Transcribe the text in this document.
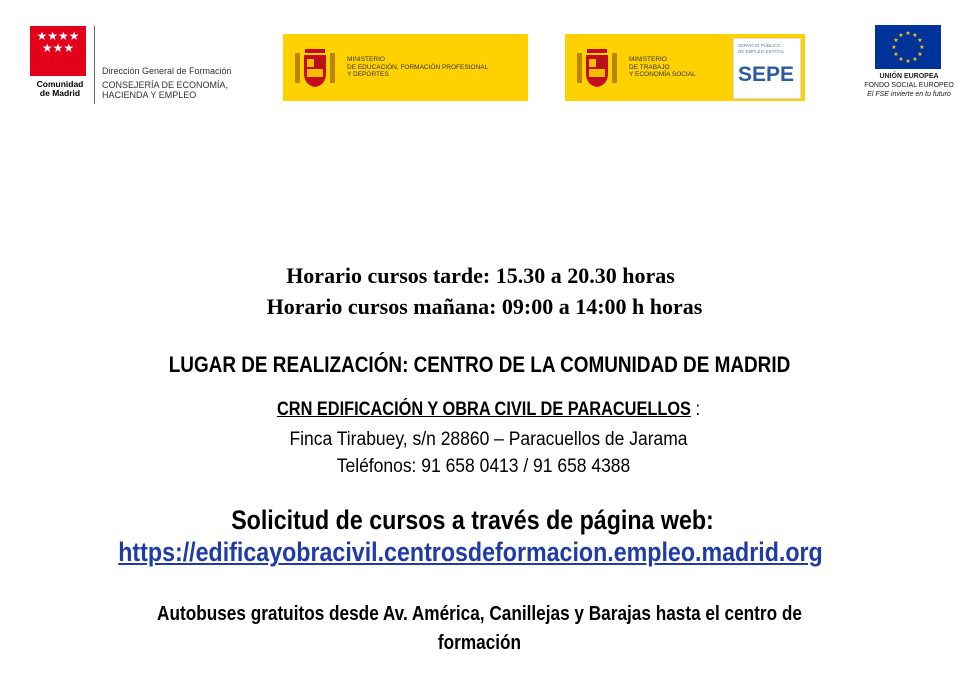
★★★★
★★★
Comunidad
de Madrid
Dirección General de Formación
CONSEJERÍA DE ECONOMÍA,
HACIENDA Y EMPLEO
MINISTERIO
DE EDUCACIÓN, FORMACIÓN PROFESIONAL
Y DEPORTES
MINISTERIO
DE TRABAJO
Y ECONOMÍA SOCIAL
SERVICIO PÚBLICO
DE EMPLEO ESTATAL
SEPE
★ ★
★
★
★
★
★
★
★
★
★
★
UNIÓN EUROPEA
FONDO SOCIAL EUROPEO
El FSE invierte en tu futuro
Horario cursos tarde: 15.30 a 20.30 horas
Horario cursos mañana: 09:00 a 14:00 h horas
LUGAR DE REALIZACIÓN: CENTRO DE LA COMUNIDAD DE MADRID
CRN EDIFICACIÓN Y OBRA CIVIL DE PARACUELLOS :
Finca Tirabuey, s/n 28860 – Paracuellos de Jarama
Teléfonos: 91 658 0413 / 91 658 4388
Solicitud de cursos a través de página web:
https://edificayobracivil.centrosdeformacion.empleo.madrid.org
Autobuses gratuitos desde Av. América, Canillejas y Barajas hasta el centro de
formación
